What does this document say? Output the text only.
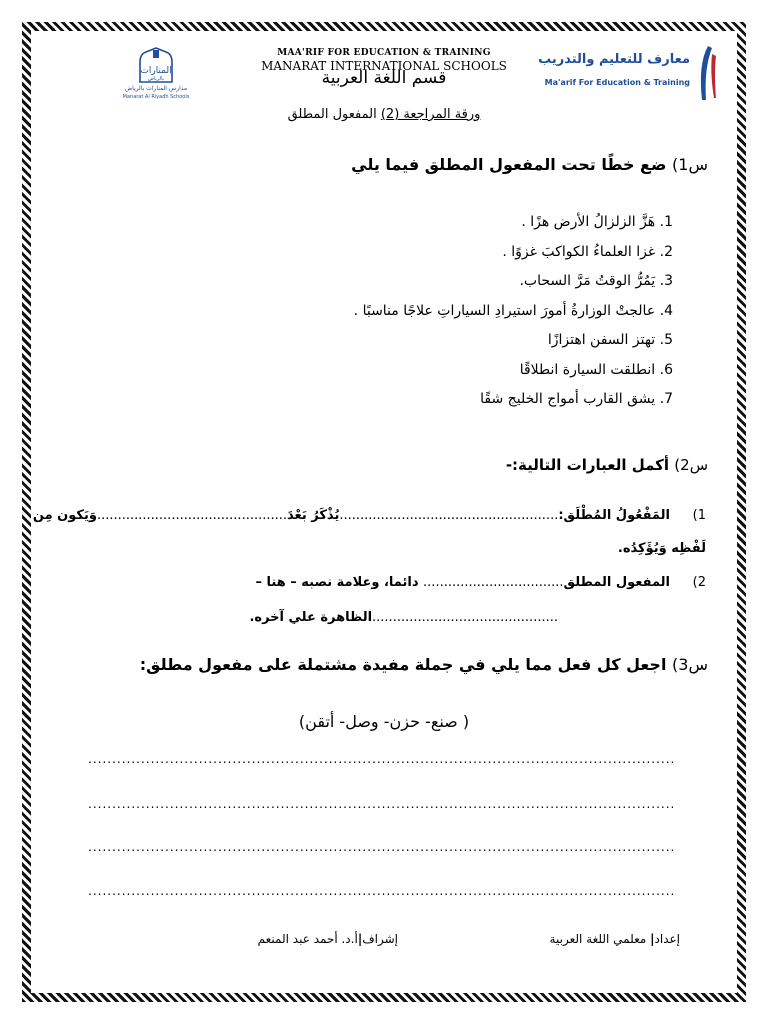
المنارات
بالرياض
مدارس المنارات بالرياض
Manarat Al Riyadh Schools
معارف للتعليم والتدريب
Ma'arif For Education & Training
MAA'RIF FOR EDUCATION & TRAINING
MANARAT INTERNATIONAL SCHOOLS
قسم اللغة العربية
ورقة المراجعة (2) المفعول المطلق
س1) ضع خطًا تحت المفعول المطلق فيما يلي
1. هَزَّ الزلزالُ الأرض هزًا .
2. غزا العلماءُ الكواكبَ غزوًا .
3. يَمُرُّ الوقتُ مَرَّ السحاب.
4. عالجتْ الوزارةُ أمورَ استيرادِ السياراتِ علاجًا مناسبًا .
5. تهتز السفن اهتزازًا
6. انطلقت السيارة انطلاقًا
7. يشق القارب أمواج الخليج شقًا
س2) أكمل العبارات التالية:-
1)     المَفْعُولُ المُطْلَق:.....................................................يُذْكَرُ بَعْدَ..............................................وَيَكون مِن
لَفْظِه وَيُؤَكِدُه.
2)     المفعول المطلق.................................. دائما، وعلامة نصبه – هنا –
.............................................الظاهرة علي آخره.
س3) اجعل كل فعل مما يلي في جملة مفيدة مشتملة على مفعول مطلق:
( صنع- حزن- وصل- أتقن)
..........................................................................................................................
..........................................................................................................................
..........................................................................................................................
..........................................................................................................................
إعداد| معلمي اللغة العربية
إشراف|أ.د. أحمد عبد المنعم
